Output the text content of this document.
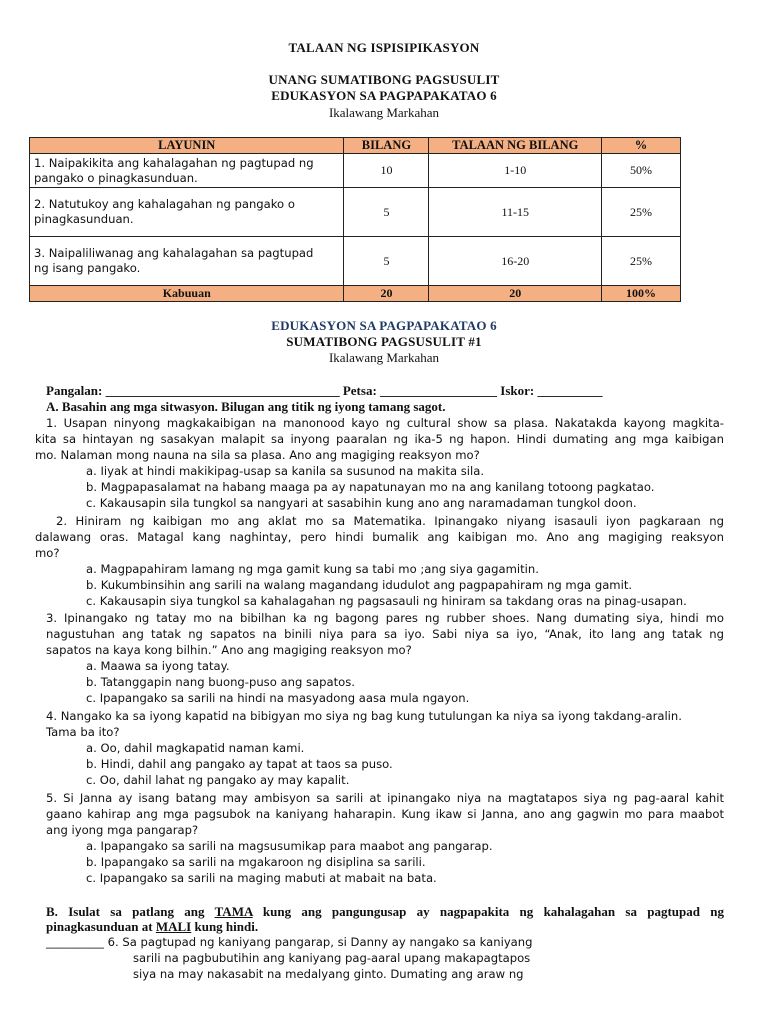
TALAAN NG ISPISIPIKASYON
UNANG SUMATIBONG PAGSUSULIT
EDUKASYON SA PAGPAPAKATAO 6
Ikalawang Markahan
LAYUNIN	BILANG	TALAAN NG BILANG	%

1. Naipakikita ang kahalagahan ng pagtupad ng
pangako o pinagkasunduan.	10	1-10	50%

2. Natutukoy ang kahalagahan ng pangako o
pinagkasunduan.	5	11-15	25%

3. Naipaliliwanag ang kahalagahan sa pagtupad
ng isang pangako.	5	16-20	25%
Kabuuan	20	20	100%
EDUKASYON SA PAGPAPAKATAO 6
SUMATIBONG PAGSUSULIT #1
Ikalawang Markahan
Pangalan: ____________________________________ Petsa: __________________ Iskor: __________
A. Basahin ang mga sitwasyon. Bilugan ang titik ng iyong tamang sagot.
1. Usapan ninyong magkakaibigan na manonood kayo ng cultural show sa plasa. Nakatakda kayong magkita-
kita sa hintayan ng sasakyan malapit sa inyong paaralan ng ika-5 ng hapon. Hindi dumating ang mga kaibigan
mo. Nalaman mong nauna na sila sa plasa. Ano ang magiging reaksyon mo?
a. Iiyak at hindi makikipag-usap sa kanila sa susunod na makita sila.
b. Magpapasalamat na habang maaga pa ay napatunayan mo na ang kanilang totoong pagkatao.
c. Kakausapin sila tungkol sa nangyari at sasabihin kung ano ang naramadaman tungkol doon.
2. Hiniram ng kaibigan mo ang aklat mo sa Matematika. Ipinangako niyang isasauli iyon pagkaraan ng
dalawang oras. Matagal kang naghintay, pero hindi bumalik ang kaibigan mo. Ano ang magiging reaksyon
mo?
a. Magpapahiram lamang ng mga gamit kung sa tabi mo ;ang siya gagamitin.
b. Kukumbinsihin ang sarili na walang magandang idudulot ang pagpapahiram ng mga gamit.
c. Kakausapin siya tungkol sa kahalagahan ng pagsasauli ng hiniram sa takdang oras na pinag-usapan.
3. Ipinangako ng tatay mo na bibilhan ka ng bagong pares ng rubber shoes. Nang dumating siya, hindi mo
nagustuhan ang tatak ng sapatos na binili niya para sa iyo. Sabi niya sa iyo, “Anak, ito lang ang tatak ng
sapatos na kaya kong bilhin.” Ano ang magiging reaksyon mo?
a. Maawa sa iyong tatay.
b. Tatanggapin nang buong-puso ang sapatos.
c. Ipapangako sa sarili na hindi na masyadong aasa mula ngayon.
4. Nangako ka sa iyong kapatid na bibigyan mo siya ng bag kung tutulungan ka niya sa iyong takdang-aralin.
Tama ba ito?
a. Oo, dahil magkapatid naman kami.
b. Hindi, dahil ang pangako ay tapat at taos sa puso.
c. Oo, dahil lahat ng pangako ay may kapalit.
5. Si Janna ay isang batang may ambisyon sa sarili at ipinangako niya na magtatapos siya ng pag-aaral kahit
gaano kahirap ang mga pagsubok na kaniyang haharapin. Kung ikaw si Janna, ano ang gagwin mo para maabot
ang iyong mga pangarap?
a. Ipapangako sa sarili na magsusumikap para maabot ang pangarap.
b. Ipapangako sa sarili na mgakaroon ng disiplina sa sarili.
c. Ipapangako sa sarili na maging mabuti at mabait na bata.
B. Isulat sa patlang ang TAMA kung ang pangungusap ay nagpapakita ng kahalagahan sa pagtupad ng
pinagkasunduan at MALI kung hindi.
__________ 6. Sa pagtupad ng kaniyang pangarap, si Danny ay nangako sa kaniyang
sarili na pagbubutihin ang kaniyang pag-aaral upang makapagtapos
siya na may nakasabit na medalyang ginto. Dumating ang araw ng
